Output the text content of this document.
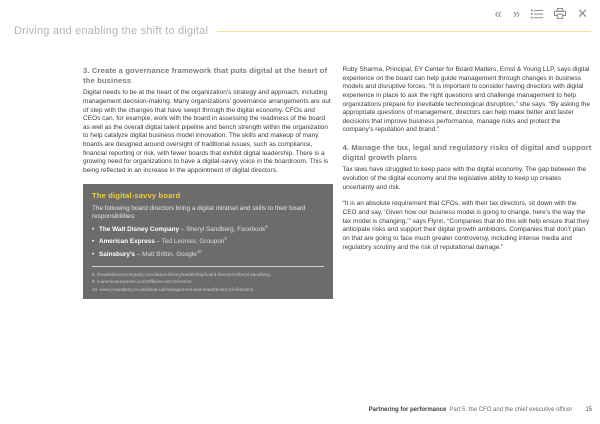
« »	✕
Driving and enabling the shift to digital
3. Create a governance framework that puts digital at the heart of the business

Digital needs to be at the heart of the organization’s strategy and approach, including management decision-making. Many organizations’ governance arrangements are out of step with the changes that have swept through the digital economy. CFOs and CEOs can, for example, work with the board in assessing the readiness of the board as well as the overall digital talent pipeline and bench strength within the organization to help catalyze digital business model innovation. The skills and makeup of many boards are designed around oversight of traditional issues, such as compliance, financial reporting or risk, with fewer boards that exhibit digital leadership. There is a growing need for organizations to have a digital-savvy voice in the boardroom. This is being reflected in an increase in the appointment of digital directors.

The digital-savvy board

The following board directors bring a digital mindset and skills to their board responsibilities:

• The Walt Disney Company – Sheryl Sandberg, Facebook$^8$
• American Express – Ted Leonsis, Groupon$^9$
• Sainsbury’s – Matt Brittin, Google$^{10}$
8. thewaltdisneycompany.com/about-disney/leadership/board-directors/sheryl-sandberg.
9. ir.americanexpress.com/Officers-and-Directors.
10. www.j-sainsbury.co.uk/about-us/management-and-board/board-of-directors/.

Ruby Sharma, Principal, EY Center for Board Matters, Ernst & Young LLP, says digital experience on the board can help guide management through changes in business models and disruptive forces. “It is important to consider having directors with digital experience in place to ask the right questions and challenge management to help organizations prepare for inevitable technological disruption,” she says. “By asking the appropriate questions of management, directors can help make better and faster decisions that improve business performance, manage risks and protect the company’s reputation and brand.”

4. Manage the tax, legal and regulatory risks of digital and support digital growth plans

Tax laws have struggled to keep pace with the digital economy. The gap between the evolution of the digital economy and the legislative ability to keep up creates uncertainty and risk.

“It is an absolute requirement that CFOs, with their tax directors, sit down with the CEO and say, ‘Given how our business model is going to change, here’s the way the tax model is changing,’” says Flynn. “Companies that do this will help ensure that they anticipate risks and support their digital growth ambitions. Companies that don’t plan on that are going to face much greater controversy, including intense media and regulatory scrutiny and the risk of reputational damage.”

Partnering for performance Part 5: the CFO and the chief executive officer 15
